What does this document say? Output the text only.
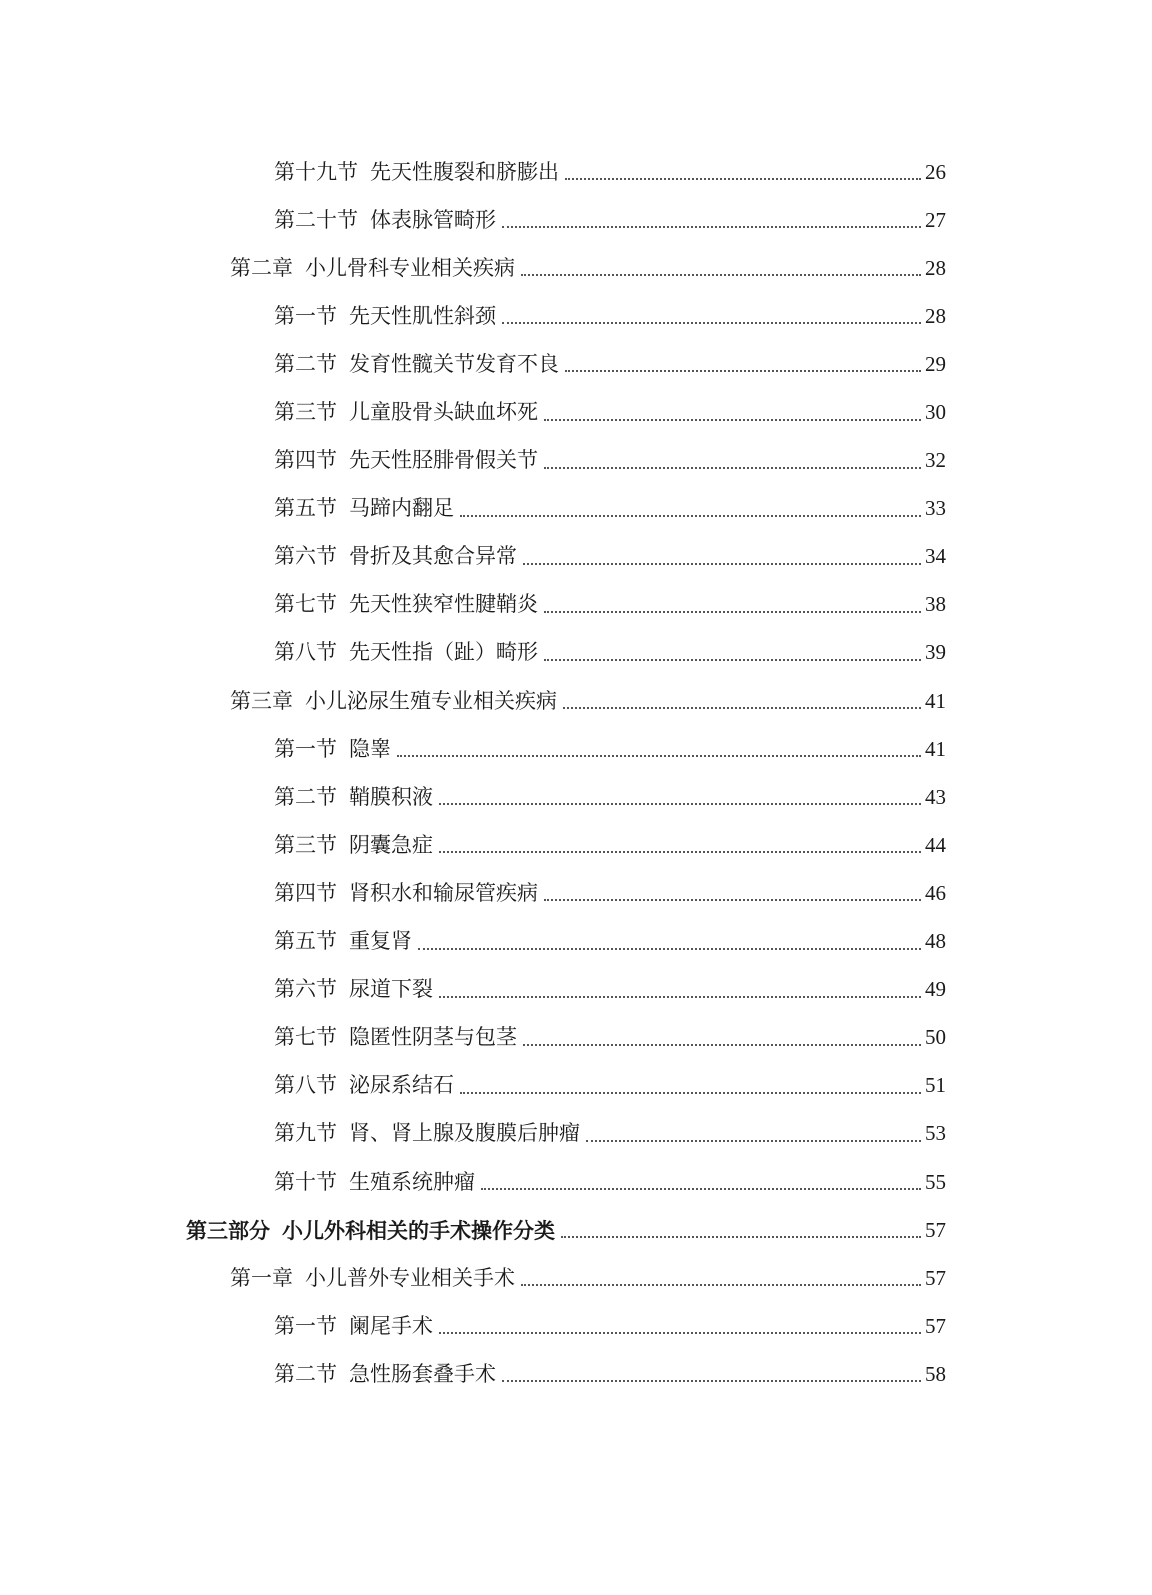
第十九节 先天性腹裂和脐膨出	26
第二十节 体表脉管畸形	27
第二章 小儿骨科专业相关疾病	28
第一节 先天性肌性斜颈	28
第二节 发育性髋关节发育不良	29
第三节 儿童股骨头缺血坏死	30
第四节 先天性胫腓骨假关节	32
第五节 马蹄内翻足	33
第六节 骨折及其愈合异常	34
第七节 先天性狭窄性腱鞘炎	38
第八节 先天性指（趾）畸形	39
第三章 小儿泌尿生殖专业相关疾病	41
第一节 隐睾	41
第二节 鞘膜积液	43
第三节 阴囊急症	44
第四节 肾积水和输尿管疾病	46
第五节 重复肾	48
第六节 尿道下裂	49
第七节 隐匿性阴茎与包茎	50
第八节 泌尿系结石	51
第九节 肾、肾上腺及腹膜后肿瘤	53
第十节 生殖系统肿瘤	55
第三部分 小儿外科相关的手术操作分类	57
第一章 小儿普外专业相关手术	57
第一节 阑尾手术	57
第二节 急性肠套叠手术	58
